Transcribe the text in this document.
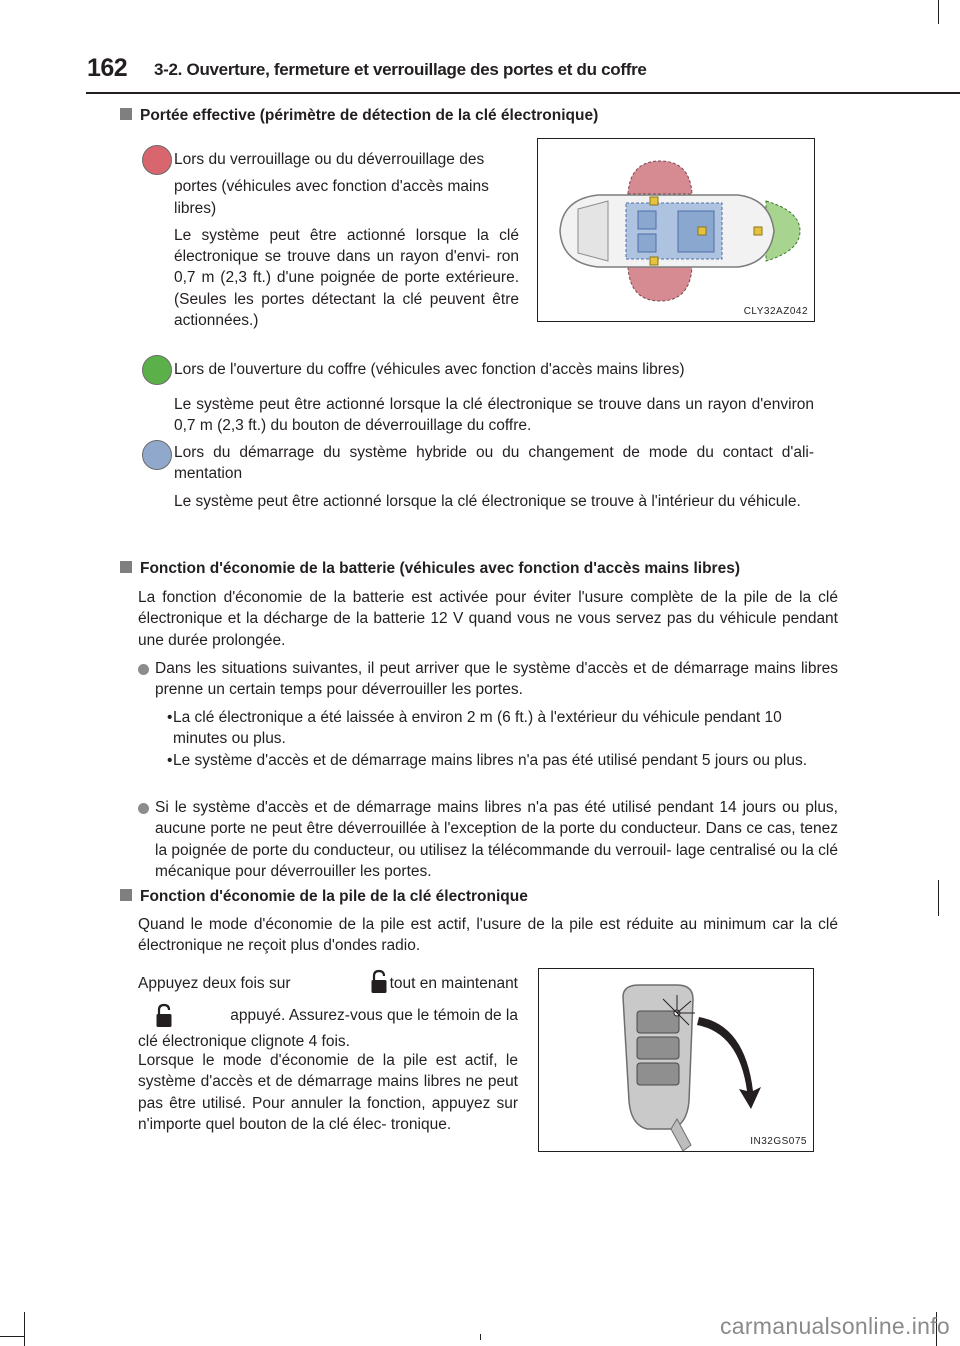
162 3-2. Ouverture, fermeture et verrouillage des portes et du coffre
Portée effective (périmètre de détection de la clé électronique)
Lors du verrouillage ou du déverrouillage des
portes (véhicules avec fonction d'accès mains
libres)
Le système peut être actionné lorsque la clé électronique se trouve dans un rayon d'envi- ron 0,7 m (2,3 ft.) d'une poignée de porte extérieure. (Seules les portes détectant la clé peuvent être actionnées.)
CLY32AZ042
Lors de l'ouverture du coffre (véhicules avec fonction d'accès mains libres)
Le système peut être actionné lorsque la clé électronique se trouve dans un rayon d'environ 0,7 m (2,3 ft.) du bouton de déverrouillage du coffre.
Lors du démarrage du système hybride ou du changement de mode du contact d'ali- mentation
Le système peut être actionné lorsque la clé électronique se trouve à l'intérieur du véhicule.
Fonction d'économie de la batterie (véhicules avec fonction d'accès mains libres)
La fonction d'économie de la batterie est activée pour éviter l'usure complète de la pile de la clé électronique et la décharge de la batterie 12 V quand vous ne vous servez pas du véhicule pendant une durée prolongée.
Dans les situations suivantes, il peut arriver que le système d'accès et de démarrage mains libres prenne un certain temps pour déverrouiller les portes.
• La clé électronique a été laissée à environ 2 m (6 ft.) à l'extérieur du véhicule pendant 10 minutes ou plus.
• Le système d'accès et de démarrage mains libres n'a pas été utilisé pendant 5 jours ou plus.
Si le système d'accès et de démarrage mains libres n'a pas été utilisé pendant 14 jours ou plus, aucune porte ne peut être déverrouillée à l'exception de la porte du conducteur. Dans ce cas, tenez la poignée de porte du conducteur, ou utilisez la télécommande du verrouil- lage centralisé ou la clé mécanique pour déverrouiller les portes.
Fonction d'économie de la pile de la clé électronique
Quand le mode d'économie de la pile est actif, l'usure de la pile est réduite au minimum car la clé électronique ne reçoit plus d'ondes radio.
Appuyez deux fois sur	tout en maintenant
appuyé. Assurez-vous que le témoin de la
clé électronique clignote 4 fois.
Lorsque le mode d'économie de la pile est actif, le système d'accès et de démarrage mains libres ne peut pas être utilisé. Pour annuler la fonction, appuyez sur n'importe quel bouton de la clé élec- tronique.
IN32GS075
carmanualsonline.info
